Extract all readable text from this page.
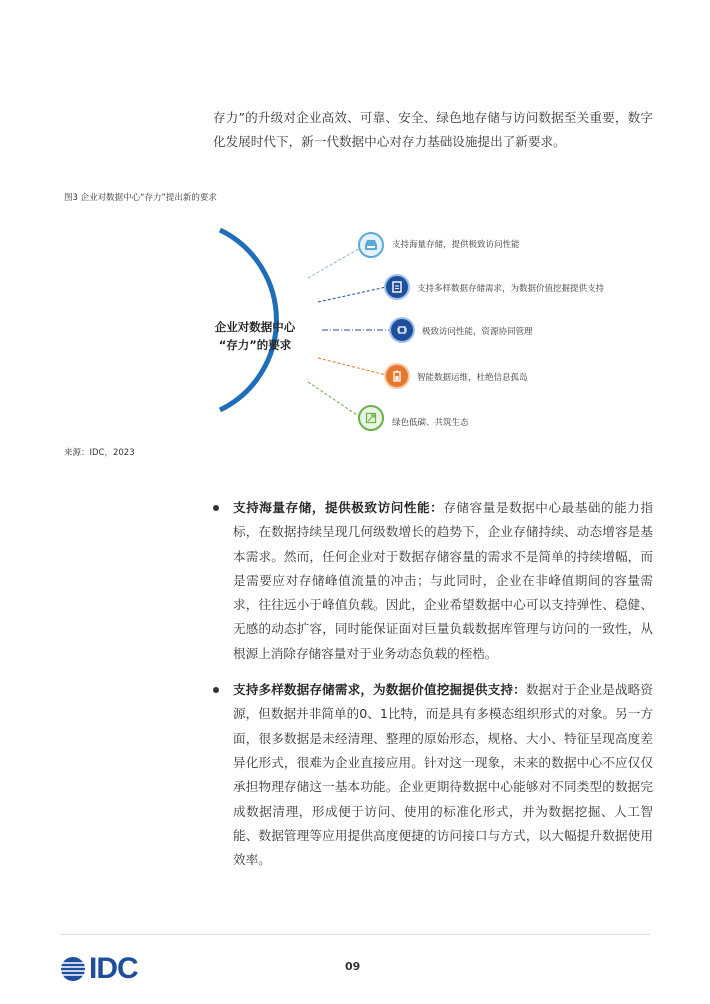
存力”的升级对企业高效、可靠、安全、绿色地存储与访问数据至关重要，数字化发展时代下，新一代数据中心对存力基础设施提出了新要求。
图3 企业对数据中心“存力”提出新的要求
企业对数据中心
“存力”的要求
支持海量存储，提供极致访问性能
支持多样数据存储需求，为数据价值挖掘提供支持
极致访问性能，资源协同管理
智能数据运维，杜绝信息孤岛
绿色低碳、共筑生态
来源：IDC，2023
支持海量存储，提供极致访问性能：存储容量是数据中心最基础的能力指标，在数据持续呈现几何级数增长的趋势下，企业存储持续、动态增容是基本需求。然而，任何企业对于数据存储容量的需求不是简单的持续增幅，而是需要应对存储峰值流量的冲击；与此同时，企业在非峰值期间的容量需求，往往远小于峰值负载。因此，企业希望数据中心可以支持弹性、稳健、无感的动态扩容，同时能保证面对巨量负载数据库管理与访问的一致性，从根源上消除存储容量对于业务动态负载的桎梏。
支持多样数据存储需求，为数据价值挖掘提供支持：数据对于企业是战略资源，但数据并非简单的0、1比特，而是具有多模态组织形式的对象。另一方面，很多数据是未经清理、整理的原始形态，规格、大小、特征呈现高度差异化形式，很难为企业直接应用。针对这一现象，未来的数据中心不应仅仅承担物理存储这一基本功能。企业更期待数据中心能够对不同类型的数据完成数据清理，形成便于访问、使用的标准化形式，并为数据挖掘、人工智能、数据管理等应用提供高度便捷的访问接口与方式，以大幅提升数据使用效率。
IDC	09
